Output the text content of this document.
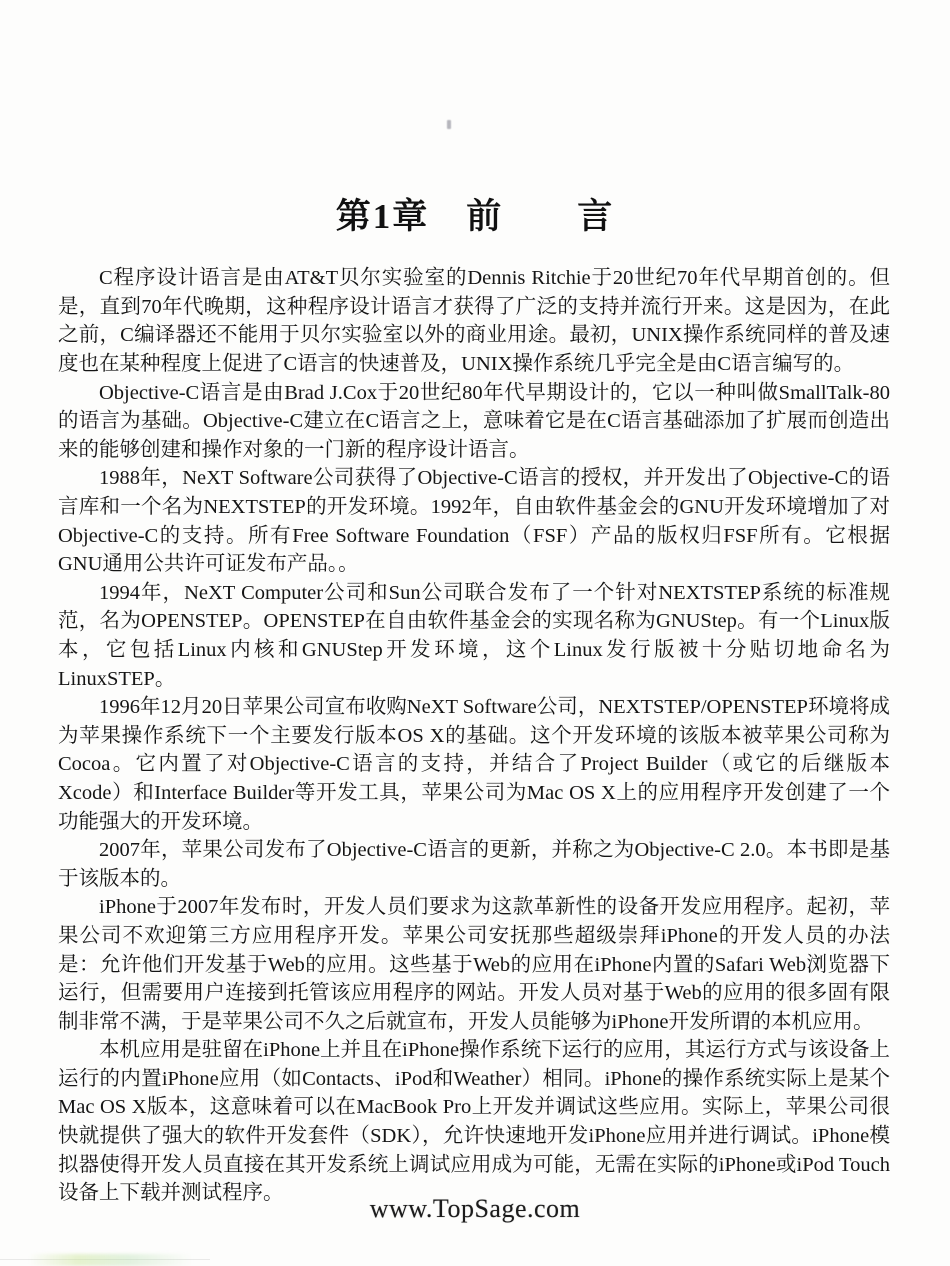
第1章　前　　言

C程序设计语言是由AT&T贝尔实验室的Dennis Ritchie于20世纪70年代早期首创的。但是，直到70年代晚期，这种程序设计语言才获得了广泛的支持并流行开来。这是因为，在此之前，C编译器还不能用于贝尔实验室以外的商业用途。最初，UNIX操作系统同样的普及速度也在某种程度上促进了C语言的快速普及，UNIX操作系统几乎完全是由C语言编写的。

Objective-C语言是由Brad J.Cox于20世纪80年代早期设计的，它以一种叫做SmallTalk-80的语言为基础。Objective-C建立在C语言之上，意味着它是在C语言基础添加了扩展而创造出来的能够创建和操作对象的一门新的程序设计语言。

1988年，NeXT Software公司获得了Objective-C语言的授权，并开发出了Objective-C的语言库和一个名为NEXTSTEP的开发环境。1992年，自由软件基金会的GNU开发环境增加了对Objective-C的支持。所有Free Software Foundation（FSF）产品的版权归FSF所有。它根据GNU通用公共许可证发布产品。。

1994年，NeXT Computer公司和Sun公司联合发布了一个针对NEXTSTEP系统的标准规范，名为OPENSTEP。OPENSTEP在自由软件基金会的实现名称为GNUStep。有一个Linux版本，它包括Linux内核和GNUStep开发环境，这个Linux发行版被十分贴切地命名为LinuxSTEP。

1996年12月20日苹果公司宣布收购NeXT Software公司，NEXTSTEP/OPENSTEP环境将成为苹果操作系统下一个主要发行版本OS X的基础。这个开发环境的该版本被苹果公司称为Cocoa。它内置了对Objective-C语言的支持，并结合了Project Builder（或它的后继版本Xcode）和Interface Builder等开发工具，苹果公司为Mac OS X上的应用程序开发创建了一个功能强大的开发环境。

2007年，苹果公司发布了Objective-C语言的更新，并称之为Objective-C 2.0。本书即是基于该版本的。

iPhone于2007年发布时，开发人员们要求为这款革新性的设备开发应用程序。起初，苹果公司不欢迎第三方应用程序开发。苹果公司安抚那些超级崇拜iPhone的开发人员的办法是：允许他们开发基于Web的应用。这些基于Web的应用在iPhone内置的Safari Web浏览器下运行，但需要用户连接到托管该应用程序的网站。开发人员对基于Web的应用的很多固有限制非常不满，于是苹果公司不久之后就宣布，开发人员能够为iPhone开发所谓的本机应用。

本机应用是驻留在iPhone上并且在iPhone操作系统下运行的应用，其运行方式与该设备上运行的内置iPhone应用（如Contacts、iPod和Weather）相同。iPhone的操作系统实际上是某个Mac OS X版本，这意味着可以在MacBook Pro上开发并调试这些应用。实际上，苹果公司很快就提供了强大的软件开发套件（SDK），允许快速地开发iPhone应用并进行调试。iPhone模拟器使得开发人员直接在其开发系统上调试应用成为可能，无需在实际的iPhone或iPod Touch设备上下载并测试程序。

www.TopSage.com
